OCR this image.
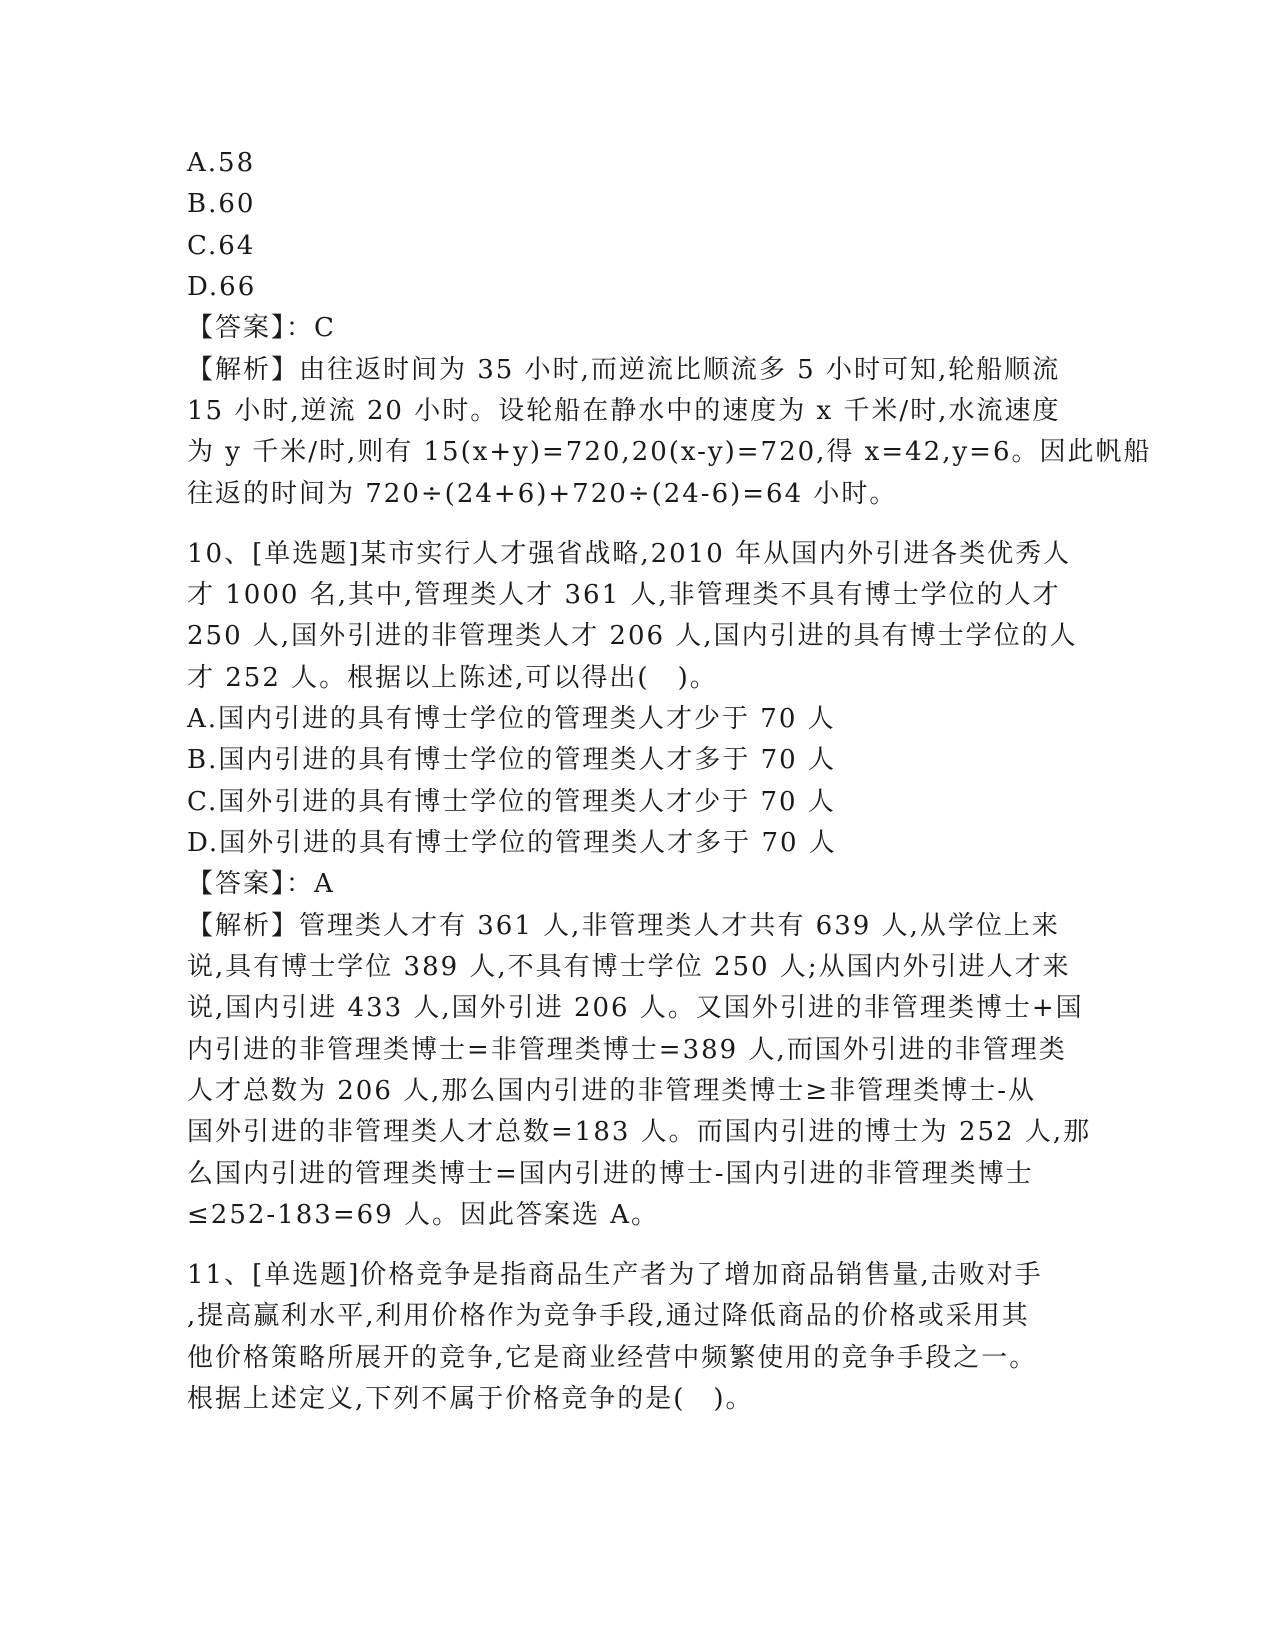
A.58
B.60
C.64
D.66
【答案】：C
【解析】由往返时间为 35 小时,而逆流比顺流多 5 小时可知,轮船顺流
15 小时,逆流 20 小时。设轮船在静水中的速度为 x 千米/时,水流速度
为 y 千米/时,则有 15(x+y)=720,20(x-y)=720,得 x=42,y=6。因此帆船
往返的时间为 720÷(24+6)+720÷(24-6)=64 小时。
10、[单选题]某市实行人才强省战略,2010 年从国内外引进各类优秀人
才 1000 名,其中,管理类人才 361 人,非管理类不具有博士学位的人才
250 人,国外引进的非管理类人才 206 人,国内引进的具有博士学位的人
才 252 人。根据以上陈述,可以得出(　)。
A.国内引进的具有博士学位的管理类人才少于 70 人
B.国内引进的具有博士学位的管理类人才多于 70 人
C.国外引进的具有博士学位的管理类人才少于 70 人
D.国外引进的具有博士学位的管理类人才多于 70 人
【答案】：A
【解析】管理类人才有 361 人,非管理类人才共有 639 人,从学位上来
说,具有博士学位 389 人,不具有博士学位 250 人;从国内外引进人才来
说,国内引进 433 人,国外引进 206 人。又国外引进的非管理类博士+国
内引进的非管理类博士=非管理类博士=389 人,而国外引进的非管理类
人才总数为 206 人,那么国内引进的非管理类博士≥非管理类博士-从
国外引进的非管理类人才总数=183 人。而国内引进的博士为 252 人,那
么国内引进的管理类博士=国内引进的博士-国内引进的非管理类博士
≤252-183=69 人。因此答案选 A。
11、[单选题]价格竞争是指商品生产者为了增加商品销售量,击败对手
,提高赢利水平,利用价格作为竞争手段,通过降低商品的价格或采用其
他价格策略所展开的竞争,它是商业经营中频繁使用的竞争手段之一。
根据上述定义,下列不属于价格竞争的是(　)。
